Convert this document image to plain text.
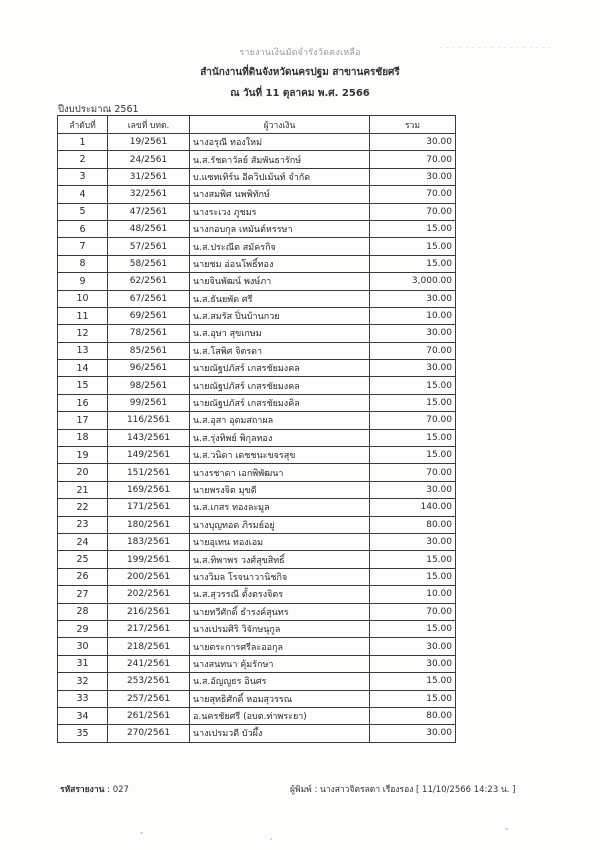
รายงานเงินมัดจำรังวัดคงเหลือ
- - - - - - - - - - - - - - - - - -
สำนักงานที่ดินจังหวัดนครปฐม สาขานครชัยศรี
ณ วันที่ 11 ตุลาคม พ.ศ. 2566
ปีงบประมาณ 2561
ลำดับที่	เลขที่ บทด.	ผู้วางเงิน	รวม
1	19/2561	นางอรุณี ทองใหม่	30.00
2	24/2561	น.ส.รัชดาวัลย์ สัมพันธารักษ์	70.00
3	31/2561	บ.แซทเทิร์น อีควิปเม้นท์ จำกัด	30.00
4	32/2561	นางสมพิศ นพพิทักษ์	70.00
5	47/2561	นางระเวง ภูชมร	70.00
6	48/2561	นางกอบกุล เหมันต์หรรษา	15.00
7	57/2561	น.ส.ประณีต สมัครกิจ	15.00
8	58/2561	นายชม อ่อนโพธิ์ทอง	15.00
9	62/2561	นายจินพัฒน์ พงษ์ภา	3,000.00
10	67/2561	น.ส.ธันยพัด ศรี	30.00
11	69/2561	น.ส.สมรัส ปิ่นบ้านกวย	10.00
12	78/2561	น.ส.อุษา สุขเกษม	30.00
13	85/2561	น.ส.โสพิศ จิตรดา	70.00
14	96/2561	นายณัฐปภัสร์ เกสรชัยมงคล	30.00
15	98/2561	นายณัฐปภัสร์ เกสรชัยมงคล	15.00
16	99/2561	นายณัฐปภัสร์ เกสรชัยมงคิล	15.00
17	116/2561	น.ส.อุสา อุดมสถาผล	70.00
18	143/2561	น.ส.รุ่งทิพย์ พิกุลทอง	15.00
19	149/2561	น.ส.วนิดา เดชชนะขจรสุข	15.00
20	151/2561	นางรชาดา เอกพิพัฒนา	70.00
21	169/2561	นายพรงจิต มุขดี	30.00
22	171/2561	น.ส.เกสร ทองละมูล	140.00
23	180/2561	นางบุญทอด ภิรมย์อยู่	80.00
24	183/2561	นายอุเทน ทองเอม	30.00
25	199/2561	น.ส.ทิพาพร วงศ์สุขสิทธิ์	15.00
26	200/2561	นางวิมล โรจนาวานิชกิจ	15.00
27	202/2561	น.ส.สุวรรณี ตั้งตรงจิตร	10.00
28	216/2561	นายทวีศักดิ์ ธำรงค์สุนทร	70.00
29	217/2561	นางเปรมศิริ วิจักษนุกูล	15.00
30	218/2561	นายตระการศรีละออกุล	30.00
31	241/2561	นางสนทนา คุ้มรักษา	30.00
32	253/2561	น.ส.อัญญูธร อินศร	15.00
33	257/2561	นายสุทธิศักดิ์ หอมสุวรรณ	15.00
34	261/2561	อ.นครชัยศรี (อบต.ท่าพระยา)	80.00
35	270/2561	นางเปรมวดี บัวผึ้ง	30.00
รหัสรายงาน : 027	ผู้พิมพ์ : นางสาวจิตรลดา เรืองรอง [ 11/10/2566 14:23 น. ]
